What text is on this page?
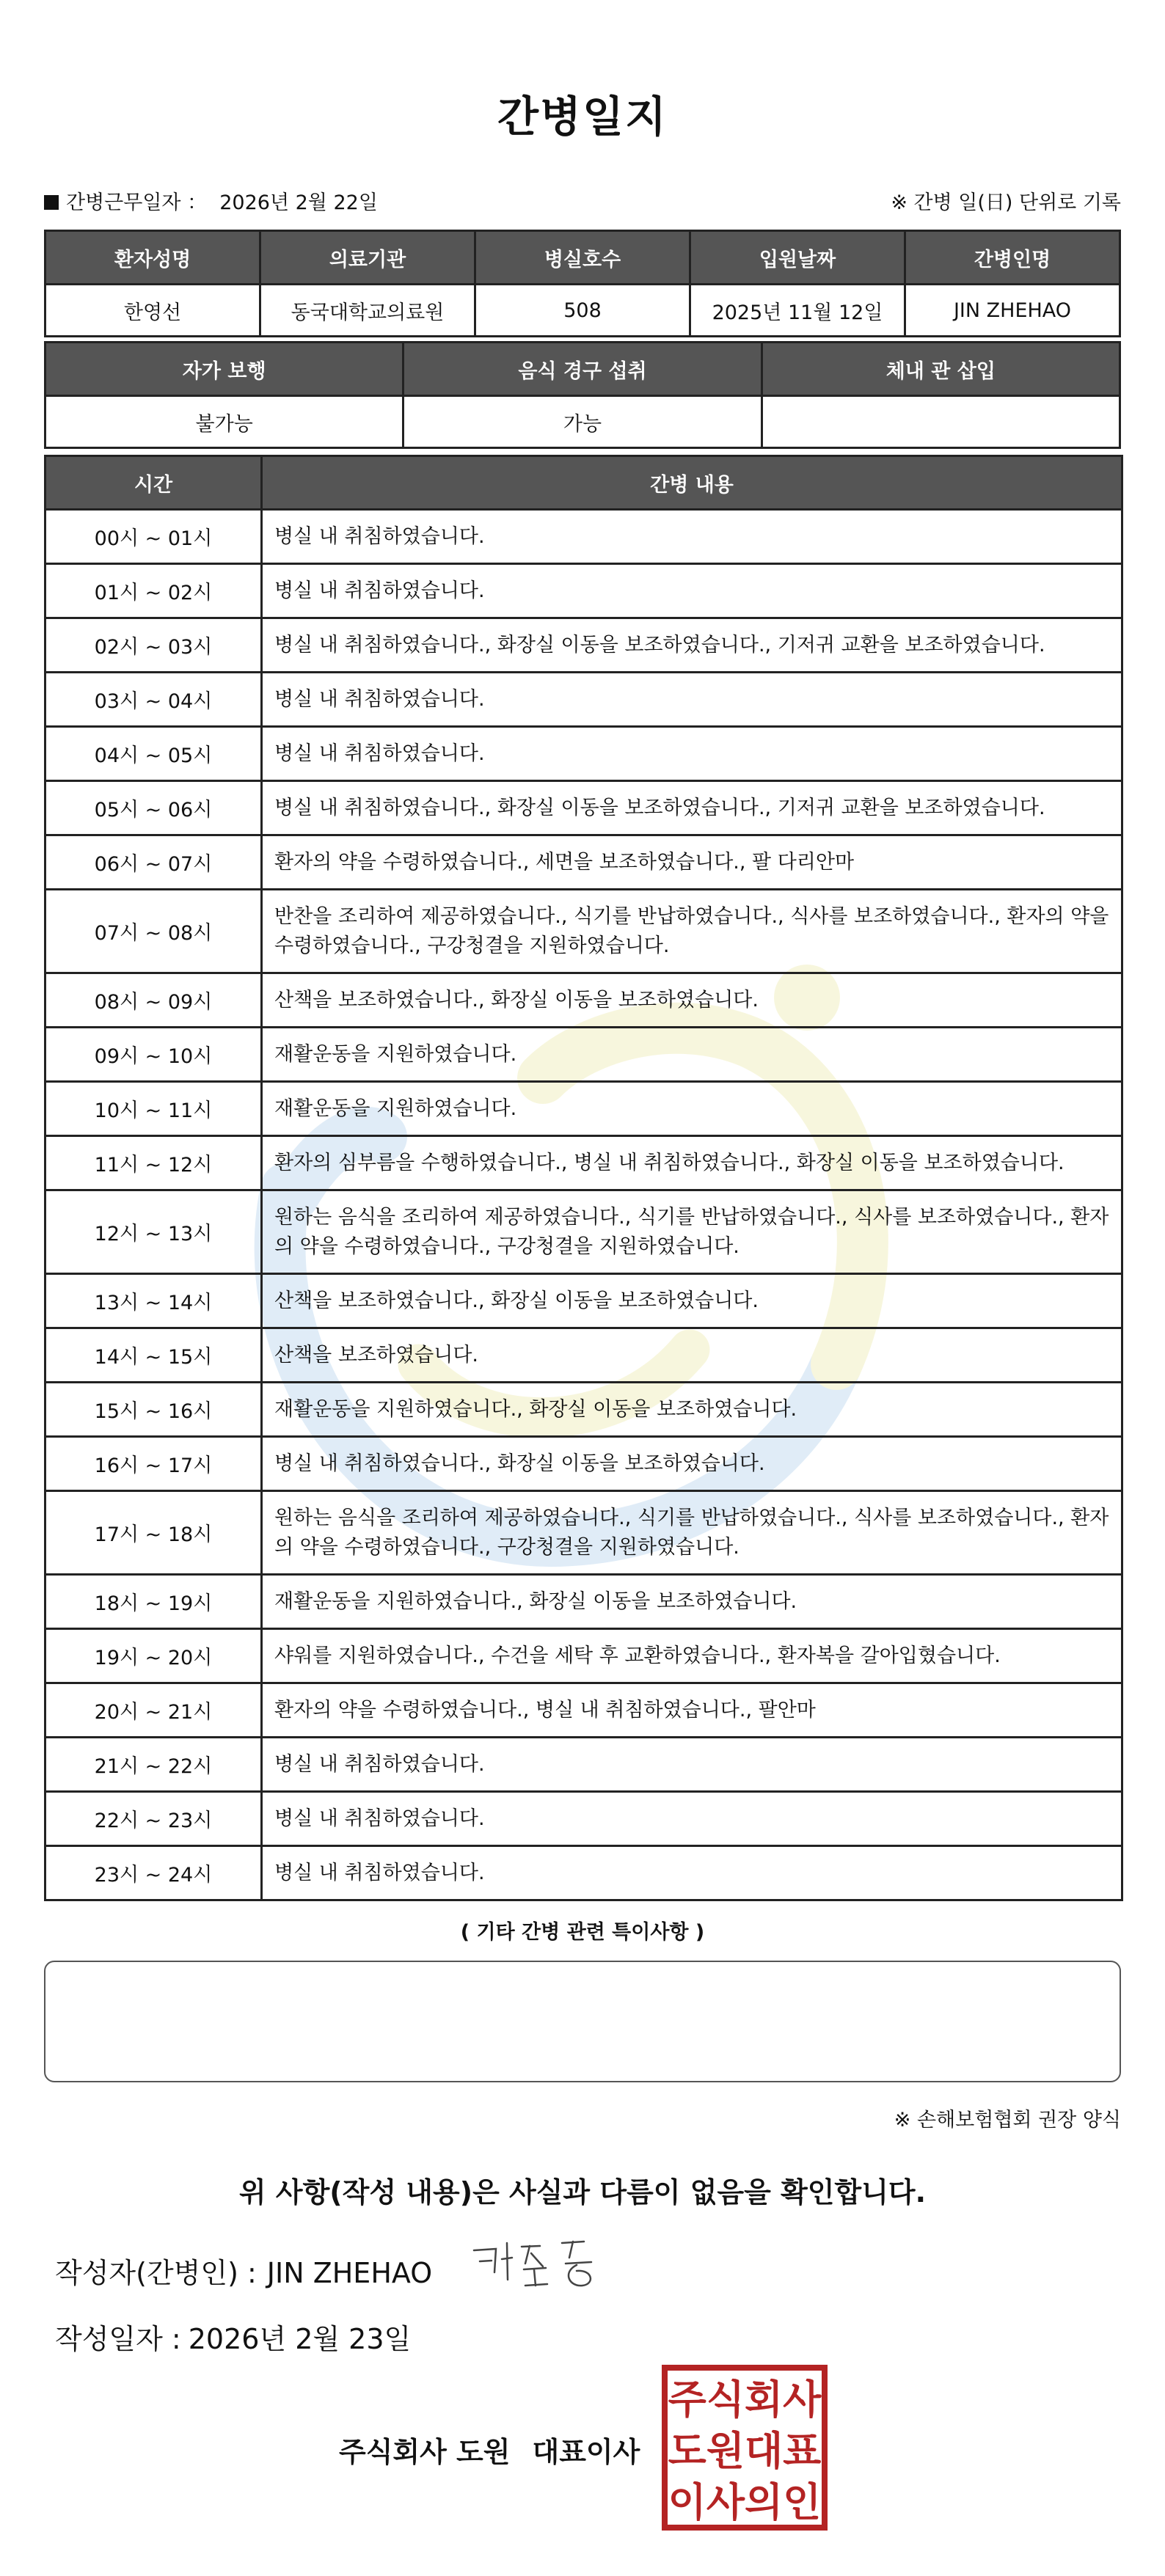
간병일지
간병근무일자 ： 2026년 2월 22일	※ 간병 일(日) 단위로 기록
환자성명	의료기관	병실호수	입원날짜	간병인명
한영선	동국대학교의료원	508	2025년 11월 12일	JIN ZHEHAO
자가 보행	음식 경구 섭취	체내 관 삽입
불가능	가능	
시간	간병 내용
00시 ~ 01시	병실 내 취침하였습니다.
01시 ~ 02시	병실 내 취침하였습니다.
02시 ~ 03시	병실 내 취침하였습니다., 화장실 이동을 보조하였습니다., 기저귀 교환을 보조하였습니다.
03시 ~ 04시	병실 내 취침하였습니다.
04시 ~ 05시	병실 내 취침하였습니다.
05시 ~ 06시	병실 내 취침하였습니다., 화장실 이동을 보조하였습니다., 기저귀 교환을 보조하였습니다.
06시 ~ 07시	환자의 약을 수령하였습니다., 세면을 보조하였습니다., 팔 다리안마
07시 ~ 08시	반찬을 조리하여 제공하였습니다., 식기를 반납하였습니다., 식사를 보조하였습니다., 환자의 약을 수령하였습니다., 구강청결을 지원하였습니다.
08시 ~ 09시	산책을 보조하였습니다., 화장실 이동을 보조하였습니다.
09시 ~ 10시	재활운동을 지원하였습니다.
10시 ~ 11시	재활운동을 지원하였습니다.
11시 ~ 12시	환자의 심부름을 수행하였습니다., 병실 내 취침하였습니다., 화장실 이동을 보조하였습니다.
12시 ~ 13시	원하는 음식을 조리하여 제공하였습니다., 식기를 반납하였습니다., 식사를 보조하였습니다., 환자의 약을 수령하였습니다., 구강청결을 지원하였습니다.
13시 ~ 14시	산책을 보조하였습니다., 화장실 이동을 보조하였습니다.
14시 ~ 15시	산책을 보조하였습니다.
15시 ~ 16시	재활운동을 지원하였습니다., 화장실 이동을 보조하였습니다.
16시 ~ 17시	병실 내 취침하였습니다., 화장실 이동을 보조하였습니다.
17시 ~ 18시	원하는 음식을 조리하여 제공하였습니다., 식기를 반납하였습니다., 식사를 보조하였습니다., 환자의 약을 수령하였습니다., 구강청결을 지원하였습니다.
18시 ~ 19시	재활운동을 지원하였습니다., 화장실 이동을 보조하였습니다.
19시 ~ 20시	샤워를 지원하였습니다., 수건을 세탁 후 교환하였습니다., 환자복을 갈아입혔습니다.
20시 ~ 21시	환자의 약을 수령하였습니다., 병실 내 취침하였습니다., 팔안마
21시 ~ 22시	병실 내 취침하였습니다.
22시 ~ 23시	병실 내 취침하였습니다.
23시 ~ 24시	병실 내 취침하였습니다.
( 기타 간병 관련 특이사항 )
※ 손해보험협회 권장 양식
위 사항(작성 내용)은 사실과 다름이 없음을 확인합니다.
작성자(간병인) : JIN ZHEHAO
작성일자 : 2026년 2월 23일
주식회사 도원 대표이사
주식회사
도원대표
이사의인
